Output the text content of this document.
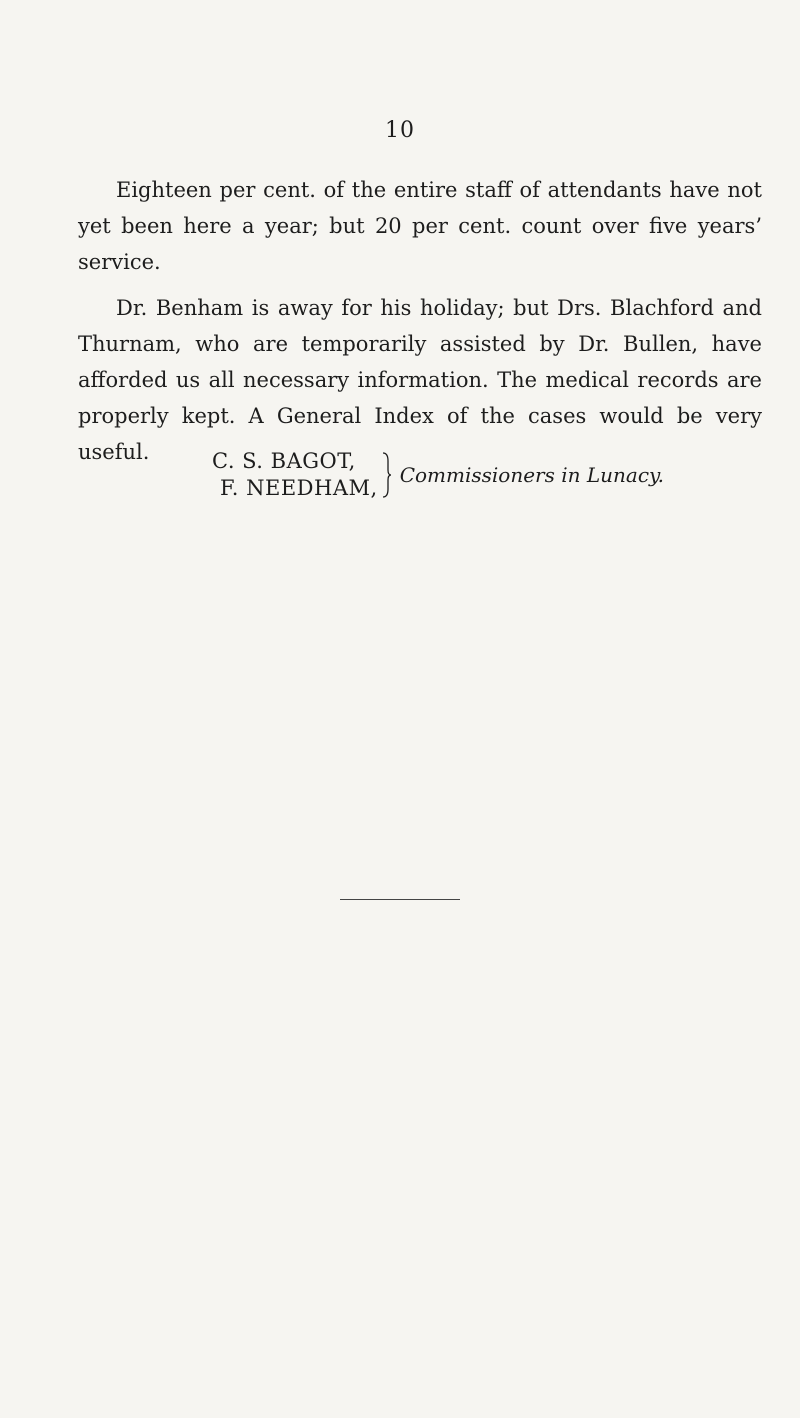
10

Eighteen per cent. of the entire staff of attendants have not yet been here a year; but 20 per cent. count over five years’ service.

Dr. Benham is away for his holiday; but Drs. Blachford and Thurnam, who are temporarily assisted by Dr. Bullen, have afforded us all necessary information. The medical records are properly kept. A General Index of the cases would be very useful.	C. S. BAGOT,
F. NEEDHAM,
Commissioners in Lunacy.
